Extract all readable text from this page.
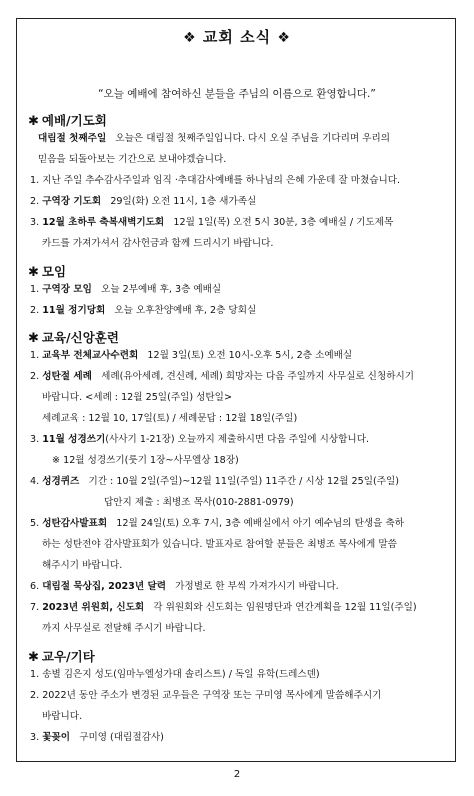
❖ 교회 소식 ❖
“오늘 예배에 참여하신 분들을 주님의 이름으로 환영합니다.”
✱ 예배/기도회
대림절 첫째주일 오늘은 대림절 첫째주일입니다. 다시 오실 주님을 기다리며 우리의
믿음을 되돌아보는 기간으로 보내야겠습니다.
1. 지난 주일 추수감사주일과 임직 ·추대감사예배를 하나님의 은혜 가운데 잘 마쳤습니다.
2. 구역장 기도회 29일(화) 오전 11시, 1층 새가족실
3. 12월 초하루 축복새벽기도회 12월 1일(목) 오전 5시 30분, 3층 예배실 / 기도제목
카드를 가져가셔서 감사헌금과 함께 드리시기 바랍니다.
✱ 모임
1. 구역장 모임 오늘 2부예배 후, 3층 예배실
2. 11월 정기당회 오늘 오후찬양예배 후, 2층 당회실
✱ 교육/신앙훈련
1. 교육부 전체교사수련회 12월 3일(토) 오전 10시-오후 5시, 2층 소예배실
2. 성탄절 세례 세례(유아세례, 견신례, 세례) 희망자는 다음 주일까지 사무실로 신청하시기
바랍니다. <세례 : 12월 25일(주일) 성탄일>
세례교육 : 12월 10, 17일(토) / 세례문답 : 12월 18일(주일)
3. 11월 성경쓰기(사사기 1-21장) 오늘까지 제출하시면 다음 주일에 시상합니다.
※ 12월 성경쓰기(룻기 1장~사무엘상 18장)
4. 성경퀴즈 기간 : 10월 2일(주일)~12월 11일(주일) 11주간 / 시상 12월 25일(주일)
답안지 제출 : 최병조 목사(010-2881-0979)
5. 성탄감사발표회 12월 24일(토) 오후 7시, 3층 예배실에서 아기 예수님의 탄생을 축하
하는 성탄전야 감사발표회가 있습니다. 발표자로 참여할 분들은 최병조 목사에게 말씀
해주시기 바랍니다.
6. 대림절 묵상집, 2023년 달력 가정별로 한 부씩 가져가시기 바랍니다.
7. 2023년 위원회, 신도회 각 위원회와 신도회는 임원명단과 연간계획을 12월 11일(주일)
까지 사무실로 전달해 주시기 바랍니다.
✱ 교우/기타
1. 송별 김은지 성도(임마누엘성가대 솔리스트) / 독일 유학(드레스덴)
2. 2022년 동안 주소가 변경된 교우들은 구역장 또는 구미영 목사에게 말씀해주시기
바랍니다.
3. 꽃꽂이 구미영 (대림절감사)
2
